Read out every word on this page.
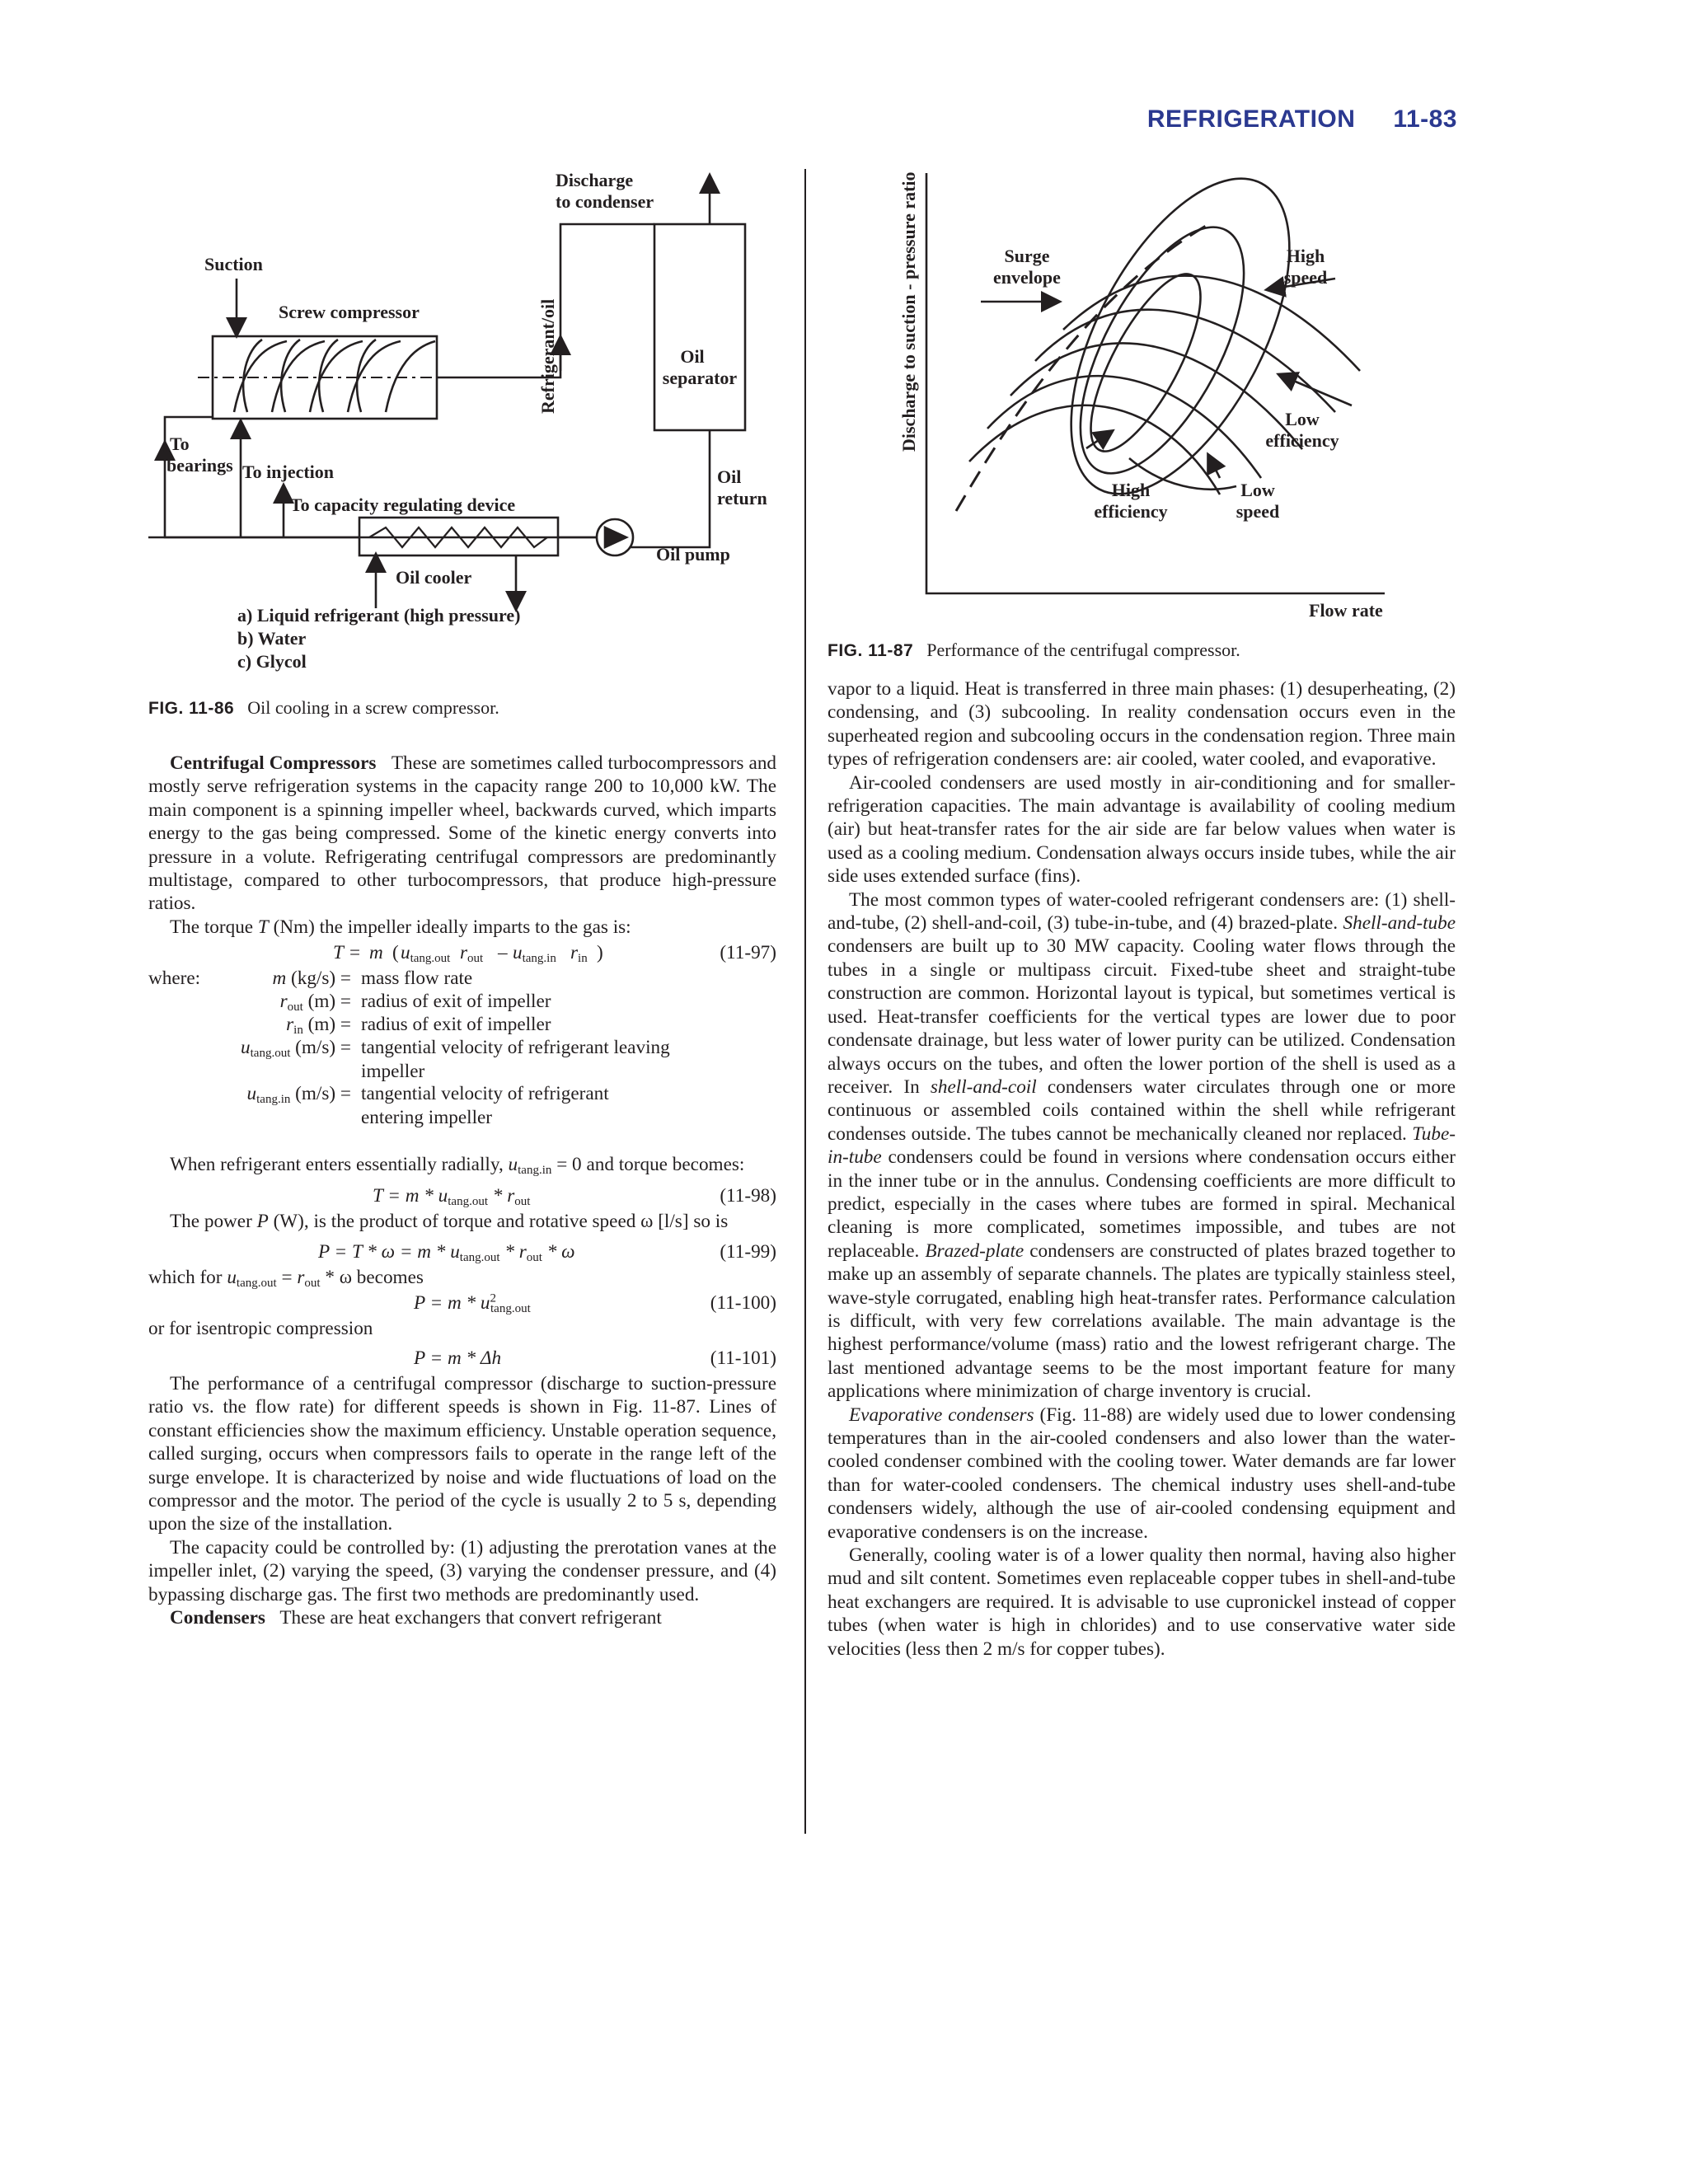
REFRIGERATION 11-83
Discharge
to condenser
Suction
Screw compressor	Refrigerant/oil	Oil
separator
To
bearings To injection
To capacity regulating device
Oil
return
Oil pump
Oil cooler
a) Liquid refrigerant (high pressure)
b) Water
c) Glycol
FIG. 11-86 Oil cooling in a screw compressor.
Discharge to suction - pressure ratio
Flow rate
Surge
envelope
High
speed
Low
efficiency
High
efficiency
Low
speed
FIG. 11-87 Performance of the centrifugal compressor.

Centrifugal Compressors These are sometimes called turbocompressors and mostly serve refrigeration systems in the capacity range 200 to 10,000 kW. The main component is a spinning impeller wheel, backwards curved, which imparts energy to the gas being compressed. Some of the kinetic energy converts into pressure in a volute. Refrigerating centrifugal compressors are predominantly multistage, compared to other turbocompressors, that produce high-pressure ratios.

The torque T (Nm) the impeller ideally imparts to the gas is:

T = m ( $u_{tang.out}$ $r_{out} - u_{tang.in}$ $r_{in}$ )	(11-97)
where:	m (kg/s) = mass flow rate
$r_{out}$ (m) = radius of exit of impeller
$r_{in}$ (m) = radius of exit of impeller
$u_{tang.out}$ (m/s) = tangential velocity of refrigerant leaving impeller
$u_{tang.in}$ (m/s) = tangential velocity of refrigerant entering impeller

When refrigerant enters essentially radially, $u_{tang.in} = 0$ and torque becomes:

$T = m * u_{tang.out} * r_{out}$	(11-98)

The power P (W), is the product of torque and rotative speed ω [l/s] so is

$P = T * \omega = m * u_{tang.out} * r_{out} * \omega$	(11-99)

which for $u_{tang.out} = r_{out} * \omega$ becomes

$P = m * u^2_{tang.out}$	(11-100)

or for isentropic compression

P = m * Δh	(11-101)

The performance of a centrifugal compressor (discharge to suction-pressure ratio vs. the flow rate) for different speeds is shown in Fig. 11-87. Lines of constant efficiencies show the maximum efficiency. Unstable operation sequence, called surging, occurs when compressors fails to operate in the range left of the surge envelope. It is characterized by noise and wide fluctuations of load on the compressor and the motor. The period of the cycle is usually 2 to 5 s, depending upon the size of the installation.

The capacity could be controlled by: (1) adjusting the prerotation vanes at the impeller inlet, (2) varying the speed, (3) varying the condenser pressure, and (4) bypassing discharge gas. The first two methods are predominantly used.

Condensers These are heat exchangers that convert refrigerant

vapor to a liquid. Heat is transferred in three main phases: (1) desuperheating, (2) condensing, and (3) subcooling. In reality condensation occurs even in the superheated region and subcooling occurs in the condensation region. Three main types of refrigeration condensers are: air cooled, water cooled, and evaporative.

Air-cooled condensers are used mostly in air-conditioning and for smaller-refrigeration capacities. The main advantage is availability of cooling medium (air) but heat-transfer rates for the air side are far below values when water is used as a cooling medium. Condensation always occurs inside tubes, while the air side uses extended surface (fins).

The most common types of water-cooled refrigerant condensers are: (1) shell-and-tube, (2) shell-and-coil, (3) tube-in-tube, and (4) brazed-plate. Shell-and-tube condensers are built up to 30 MW capacity. Cooling water flows through the tubes in a single or multipass circuit. Fixed-tube sheet and straight-tube construction are common. Horizontal layout is typical, but sometimes vertical is used. Heat-transfer coefficients for the vertical types are lower due to poor condensate drainage, but less water of lower purity can be utilized. Condensation always occurs on the tubes, and often the lower portion of the shell is used as a receiver. In shell-and-coil condensers water circulates through one or more continuous or assembled coils contained within the shell while refrigerant condenses outside. The tubes cannot be mechanically cleaned nor replaced. Tube-in-tube condensers could be found in versions where condensation occurs either in the inner tube or in the annulus. Condensing coefficients are more difficult to predict, especially in the cases where tubes are formed in spiral. Mechanical cleaning is more complicated, sometimes impossible, and tubes are not replaceable. Brazed-plate condensers are constructed of plates brazed together to make up an assembly of separate channels. The plates are typically stainless steel, wave-style corrugated, enabling high heat-transfer rates. Performance calculation is difficult, with very few correlations available. The main advantage is the highest performance/volume (mass) ratio and the lowest refrigerant charge. The last mentioned advantage seems to be the most important feature for many applications where minimization of charge inventory is crucial.

Evaporative condensers (Fig. 11-88) are widely used due to lower condensing temperatures than in the air-cooled condensers and also lower than the water-cooled condenser combined with the cooling tower. Water demands are far lower than for water-cooled condensers. The chemical industry uses shell-and-tube condensers widely, although the use of air-cooled condensing equipment and evaporative condensers is on the increase.

Generally, cooling water is of a lower quality then normal, having also higher mud and silt content. Sometimes even replaceable copper tubes in shell-and-tube heat exchangers are required. It is advisable to use cupronickel instead of copper tubes (when water is high in chlorides) and to use conservative water side velocities (less then 2 m/s for copper tubes).
